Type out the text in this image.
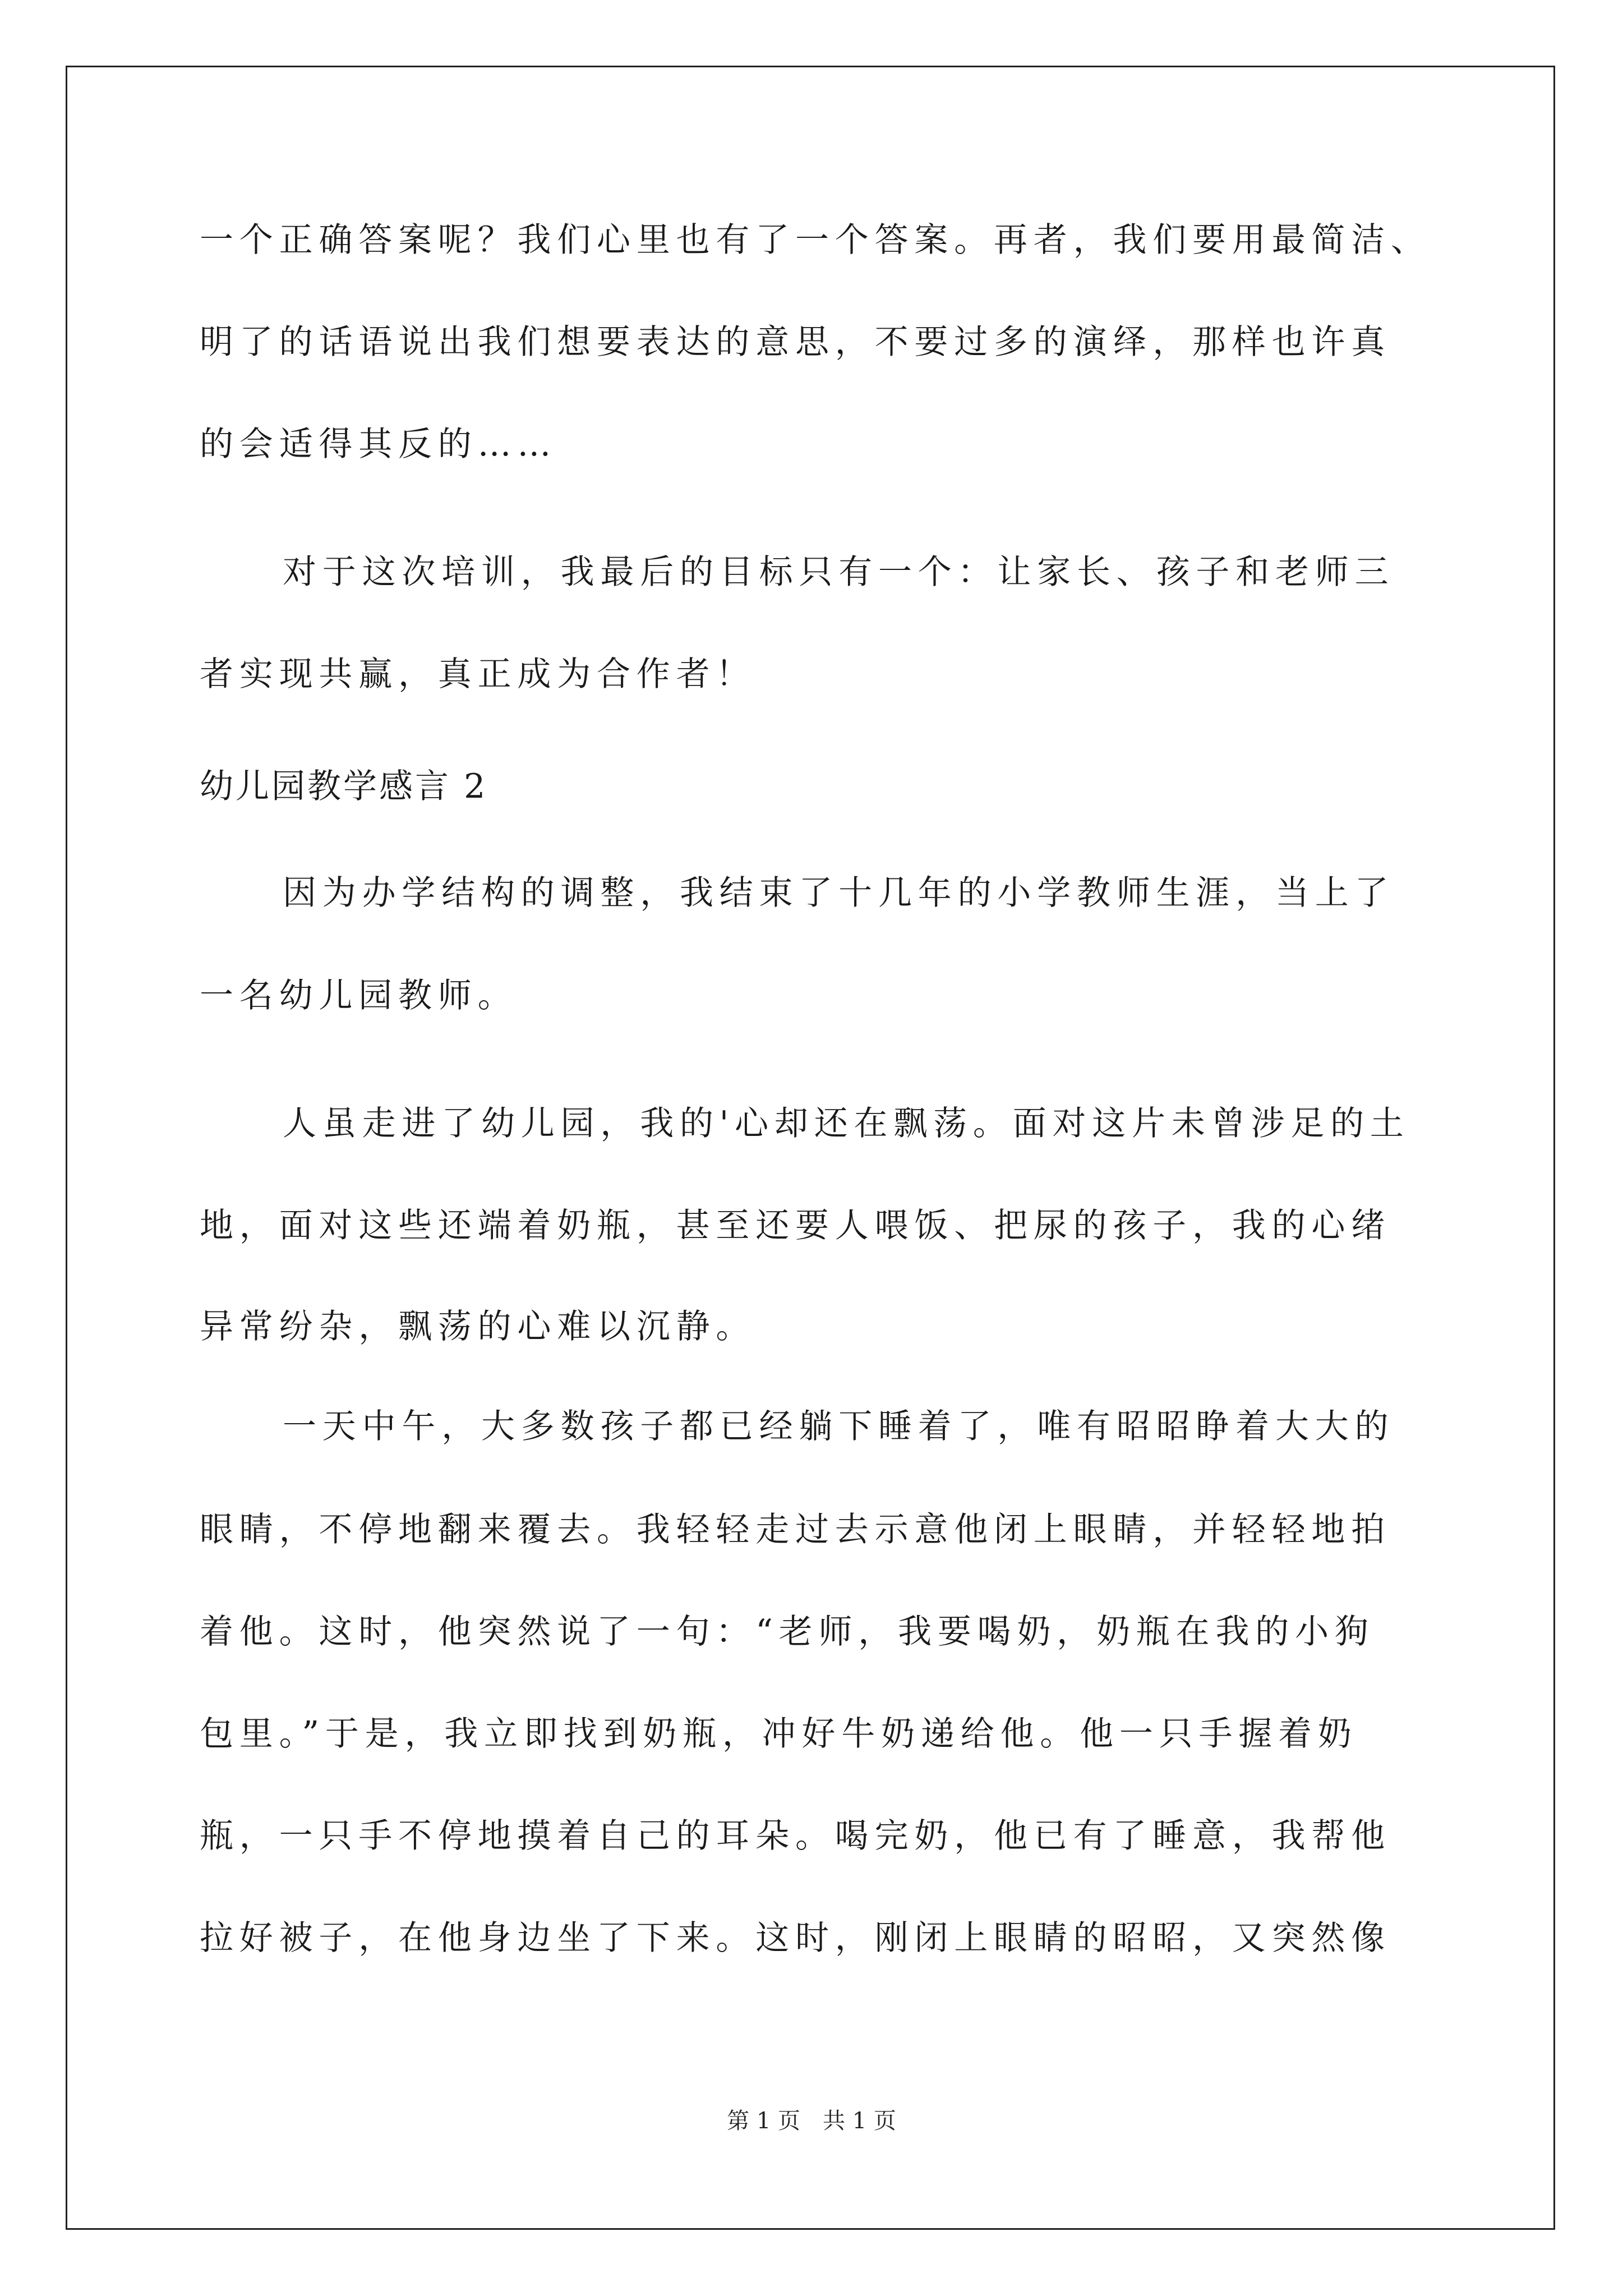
一个正确答案呢？我们心里也有了一个答案。再者，我们要用最简洁、
明了的话语说出我们想要表达的意思，不要过多的演绎，那样也许真
的会适得其反的……
对于这次培训，我最后的目标只有一个：让家长、孩子和老师三
者实现共赢，真正成为合作者！
幼儿园教学感言 2
因为办学结构的调整，我结束了十几年的小学教师生涯，当上了
一名幼儿园教师。
人虽走进了幼儿园，我的'心却还在飘荡。面对这片未曾涉足的土
地，面对这些还端着奶瓶，甚至还要人喂饭、把尿的孩子，我的心绪
异常纷杂，飘荡的心难以沉静。
一天中午，大多数孩子都已经躺下睡着了，唯有昭昭睁着大大的
眼睛，不停地翻来覆去。我轻轻走过去示意他闭上眼睛，并轻轻地拍
着他。这时，他突然说了一句：“老师，我要喝奶，奶瓶在我的小狗
包里。”于是，我立即找到奶瓶，冲好牛奶递给他。他一只手握着奶
瓶，一只手不停地摸着自己的耳朵。喝完奶，他已有了睡意，我帮他
拉好被子，在他身边坐了下来。这时，刚闭上眼睛的昭昭，又突然像
第 1 页 共 1 页
